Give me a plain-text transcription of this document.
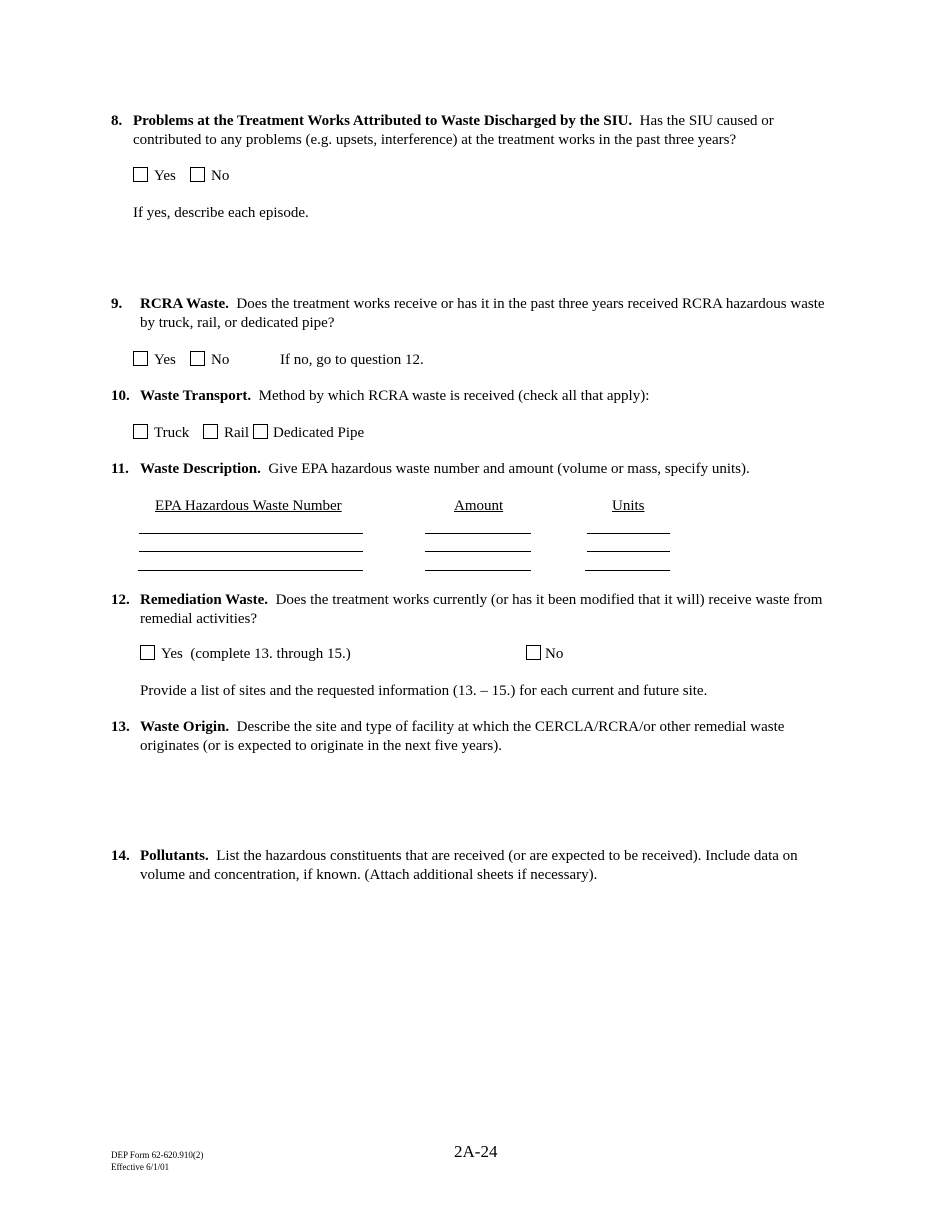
8. Problems at the Treatment Works Attributed to Waste Discharged by the SIU. Has the SIU caused or contributed to any problems (e.g. upsets, interference) at the treatment works in the past three years?
Yes	No
If yes, describe each episode.
9. RCRA Waste. Does the treatment works receive or has it in the past three years received RCRA hazardous waste by truck, rail, or dedicated pipe?
Yes	No	If no, go to question 12.
10. Waste Transport. Method by which RCRA waste is received (check all that apply):
Truck	Rail	Dedicated Pipe
11. Waste Description. Give EPA hazardous waste number and amount (volume or mass, specify units).
EPA Hazardous Waste Number	Amount	Units
12. Remediation Waste. Does the treatment works currently (or has it been modified that it will) receive waste from remedial activities?
Yes  (complete 13. through 15.)	No
Provide a list of sites and the requested information (13. – 15.) for each current and future site.
13. Waste Origin. Describe the site and type of facility at which the CERCLA/RCRA/or other remedial waste originates (or is expected to originate in the next five years).
14. Pollutants. List the hazardous constituents that are received (or are expected to be received). Include data on volume and concentration, if known. (Attach additional sheets if necessary).
DEP Form 62-620.910(2)
Effective 6/1/01
2A-24
